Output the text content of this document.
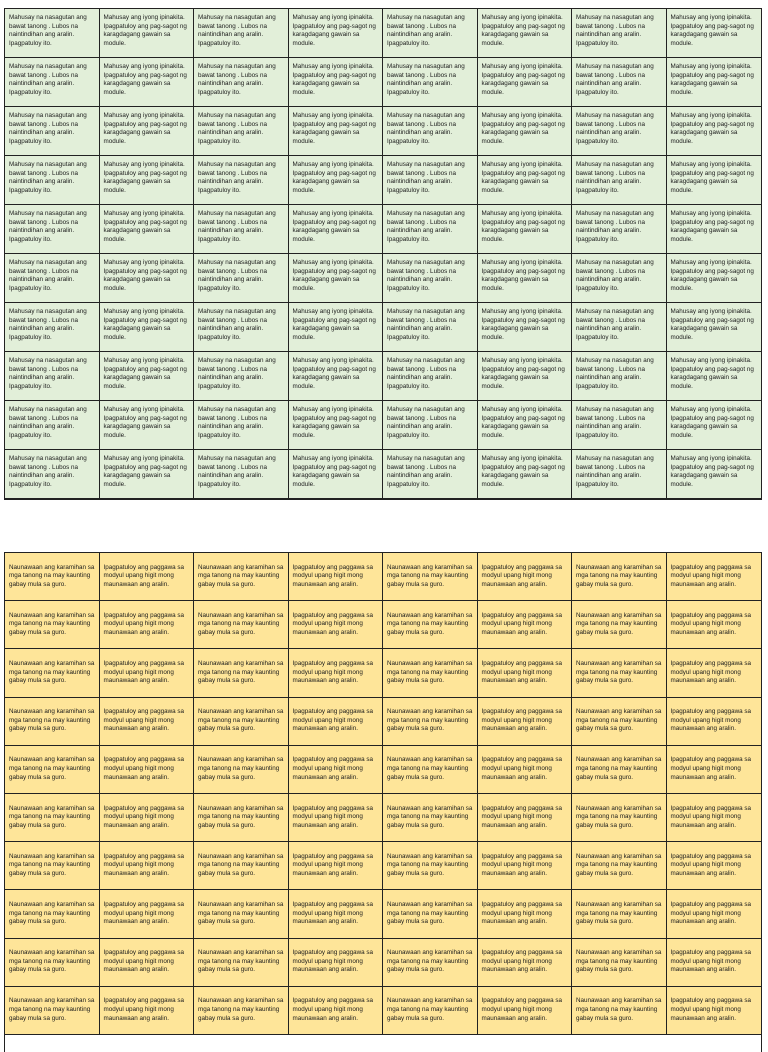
Mahusay na nasagutan ang bawat tanong . Lubos na naintindihan ang aralin. Ipagpatuloy ito.
Mahusay ang iyong ipinakita. Ipagpatuloy ang pag-sagot ng karagdagang gawain sa module.
Mahusay na nasagutan ang bawat tanong . Lubos na naintindihan ang aralin. Ipagpatuloy ito.
Mahusay ang iyong ipinakita. Ipagpatuloy ang pag-sagot ng karagdagang gawain sa module.
Mahusay na nasagutan ang bawat tanong . Lubos na naintindihan ang aralin. Ipagpatuloy ito.
Mahusay ang iyong ipinakita. Ipagpatuloy ang pag-sagot ng karagdagang gawain sa module.
Mahusay na nasagutan ang bawat tanong . Lubos na naintindihan ang aralin. Ipagpatuloy ito.
Mahusay ang iyong ipinakita. Ipagpatuloy ang pag-sagot ng karagdagang gawain sa module.
Mahusay na nasagutan ang bawat tanong . Lubos na naintindihan ang aralin. Ipagpatuloy ito.
Mahusay ang iyong ipinakita. Ipagpatuloy ang pag-sagot ng karagdagang gawain sa module.
Mahusay na nasagutan ang bawat tanong . Lubos na naintindihan ang aralin. Ipagpatuloy ito.
Mahusay ang iyong ipinakita. Ipagpatuloy ang pag-sagot ng karagdagang gawain sa module.
Mahusay na nasagutan ang bawat tanong . Lubos na naintindihan ang aralin. Ipagpatuloy ito.
Mahusay ang iyong ipinakita. Ipagpatuloy ang pag-sagot ng karagdagang gawain sa module.
Mahusay na nasagutan ang bawat tanong . Lubos na naintindihan ang aralin. Ipagpatuloy ito.
Mahusay ang iyong ipinakita. Ipagpatuloy ang pag-sagot ng karagdagang gawain sa module.
Mahusay na nasagutan ang bawat tanong . Lubos na naintindihan ang aralin. Ipagpatuloy ito.
Mahusay ang iyong ipinakita. Ipagpatuloy ang pag-sagot ng karagdagang gawain sa module.
Mahusay na nasagutan ang bawat tanong . Lubos na naintindihan ang aralin. Ipagpatuloy ito.
Mahusay ang iyong ipinakita. Ipagpatuloy ang pag-sagot ng karagdagang gawain sa module.
Mahusay na nasagutan ang bawat tanong . Lubos na naintindihan ang aralin. Ipagpatuloy ito.
Mahusay ang iyong ipinakita. Ipagpatuloy ang pag-sagot ng karagdagang gawain sa module.
Mahusay na nasagutan ang bawat tanong . Lubos na naintindihan ang aralin. Ipagpatuloy ito.
Mahusay ang iyong ipinakita. Ipagpatuloy ang pag-sagot ng karagdagang gawain sa module.
Mahusay na nasagutan ang bawat tanong . Lubos na naintindihan ang aralin. Ipagpatuloy ito.
Mahusay ang iyong ipinakita. Ipagpatuloy ang pag-sagot ng karagdagang gawain sa module.
Mahusay na nasagutan ang bawat tanong . Lubos na naintindihan ang aralin. Ipagpatuloy ito.
Mahusay ang iyong ipinakita. Ipagpatuloy ang pag-sagot ng karagdagang gawain sa module.
Mahusay na nasagutan ang bawat tanong . Lubos na naintindihan ang aralin. Ipagpatuloy ito.
Mahusay ang iyong ipinakita. Ipagpatuloy ang pag-sagot ng karagdagang gawain sa module.
Mahusay na nasagutan ang bawat tanong . Lubos na naintindihan ang aralin. Ipagpatuloy ito.
Mahusay ang iyong ipinakita. Ipagpatuloy ang pag-sagot ng karagdagang gawain sa module.
Mahusay na nasagutan ang bawat tanong . Lubos na naintindihan ang aralin. Ipagpatuloy ito.
Mahusay ang iyong ipinakita. Ipagpatuloy ang pag-sagot ng karagdagang gawain sa module.
Mahusay na nasagutan ang bawat tanong . Lubos na naintindihan ang aralin. Ipagpatuloy ito.
Mahusay ang iyong ipinakita. Ipagpatuloy ang pag-sagot ng karagdagang gawain sa module.
Mahusay na nasagutan ang bawat tanong . Lubos na naintindihan ang aralin. Ipagpatuloy ito.
Mahusay ang iyong ipinakita. Ipagpatuloy ang pag-sagot ng karagdagang gawain sa module.
Mahusay na nasagutan ang bawat tanong . Lubos na naintindihan ang aralin. Ipagpatuloy ito.
Mahusay ang iyong ipinakita. Ipagpatuloy ang pag-sagot ng karagdagang gawain sa module.
Mahusay na nasagutan ang bawat tanong . Lubos na naintindihan ang aralin. Ipagpatuloy ito.
Mahusay ang iyong ipinakita. Ipagpatuloy ang pag-sagot ng karagdagang gawain sa module.
Mahusay na nasagutan ang bawat tanong . Lubos na naintindihan ang aralin. Ipagpatuloy ito.
Mahusay ang iyong ipinakita. Ipagpatuloy ang pag-sagot ng karagdagang gawain sa module.
Mahusay na nasagutan ang bawat tanong . Lubos na naintindihan ang aralin. Ipagpatuloy ito.
Mahusay ang iyong ipinakita. Ipagpatuloy ang pag-sagot ng karagdagang gawain sa module.
Mahusay na nasagutan ang bawat tanong . Lubos na naintindihan ang aralin. Ipagpatuloy ito.
Mahusay ang iyong ipinakita. Ipagpatuloy ang pag-sagot ng karagdagang gawain sa module.
Mahusay na nasagutan ang bawat tanong . Lubos na naintindihan ang aralin. Ipagpatuloy ito.
Mahusay ang iyong ipinakita. Ipagpatuloy ang pag-sagot ng karagdagang gawain sa module.
Mahusay na nasagutan ang bawat tanong . Lubos na naintindihan ang aralin. Ipagpatuloy ito.
Mahusay ang iyong ipinakita. Ipagpatuloy ang pag-sagot ng karagdagang gawain sa module.
Mahusay na nasagutan ang bawat tanong . Lubos na naintindihan ang aralin. Ipagpatuloy ito.
Mahusay ang iyong ipinakita. Ipagpatuloy ang pag-sagot ng karagdagang gawain sa module.
Mahusay na nasagutan ang bawat tanong . Lubos na naintindihan ang aralin. Ipagpatuloy ito.
Mahusay ang iyong ipinakita. Ipagpatuloy ang pag-sagot ng karagdagang gawain sa module.
Mahusay na nasagutan ang bawat tanong . Lubos na naintindihan ang aralin. Ipagpatuloy ito.
Mahusay ang iyong ipinakita. Ipagpatuloy ang pag-sagot ng karagdagang gawain sa module.
Mahusay na nasagutan ang bawat tanong . Lubos na naintindihan ang aralin. Ipagpatuloy ito.
Mahusay ang iyong ipinakita. Ipagpatuloy ang pag-sagot ng karagdagang gawain sa module.
Mahusay na nasagutan ang bawat tanong . Lubos na naintindihan ang aralin. Ipagpatuloy ito.
Mahusay ang iyong ipinakita. Ipagpatuloy ang pag-sagot ng karagdagang gawain sa module.
Mahusay na nasagutan ang bawat tanong . Lubos na naintindihan ang aralin. Ipagpatuloy ito.
Mahusay ang iyong ipinakita. Ipagpatuloy ang pag-sagot ng karagdagang gawain sa module.
Mahusay na nasagutan ang bawat tanong . Lubos na naintindihan ang aralin. Ipagpatuloy ito.
Mahusay ang iyong ipinakita. Ipagpatuloy ang pag-sagot ng karagdagang gawain sa module.
Mahusay na nasagutan ang bawat tanong . Lubos na naintindihan ang aralin. Ipagpatuloy ito.
Mahusay ang iyong ipinakita. Ipagpatuloy ang pag-sagot ng karagdagang gawain sa module.
Mahusay na nasagutan ang bawat tanong . Lubos na naintindihan ang aralin. Ipagpatuloy ito.
Mahusay ang iyong ipinakita. Ipagpatuloy ang pag-sagot ng karagdagang gawain sa module.
Mahusay na nasagutan ang bawat tanong . Lubos na naintindihan ang aralin. Ipagpatuloy ito.
Mahusay ang iyong ipinakita. Ipagpatuloy ang pag-sagot ng karagdagang gawain sa module.
Mahusay na nasagutan ang bawat tanong . Lubos na naintindihan ang aralin. Ipagpatuloy ito.
Mahusay ang iyong ipinakita. Ipagpatuloy ang pag-sagot ng karagdagang gawain sa module.
Mahusay na nasagutan ang bawat tanong . Lubos na naintindihan ang aralin. Ipagpatuloy ito.
Mahusay ang iyong ipinakita. Ipagpatuloy ang pag-sagot ng karagdagang gawain sa module.
Mahusay na nasagutan ang bawat tanong . Lubos na naintindihan ang aralin. Ipagpatuloy ito.
Mahusay ang iyong ipinakita. Ipagpatuloy ang pag-sagot ng karagdagang gawain sa module.
Mahusay na nasagutan ang bawat tanong . Lubos na naintindihan ang aralin. Ipagpatuloy ito.
Mahusay ang iyong ipinakita. Ipagpatuloy ang pag-sagot ng karagdagang gawain sa module.
Naunawaan ang karamihan sa mga tanong na may kaunting gabay mula sa guro.
Ipagpatuloy ang paggawa sa modyul upang higit mong maunawaan ang aralin.
Naunawaan ang karamihan sa mga tanong na may kaunting gabay mula sa guro.
Ipagpatuloy ang paggawa sa modyul upang higit mong maunawaan ang aralin.
Naunawaan ang karamihan sa mga tanong na may kaunting gabay mula sa guro.
Ipagpatuloy ang paggawa sa modyul upang higit mong maunawaan ang aralin.
Naunawaan ang karamihan sa mga tanong na may kaunting gabay mula sa guro.
Ipagpatuloy ang paggawa sa modyul upang higit mong maunawaan ang aralin.
Naunawaan ang karamihan sa mga tanong na may kaunting gabay mula sa guro.
Ipagpatuloy ang paggawa sa modyul upang higit mong maunawaan ang aralin.
Naunawaan ang karamihan sa mga tanong na may kaunting gabay mula sa guro.
Ipagpatuloy ang paggawa sa modyul upang higit mong maunawaan ang aralin.
Naunawaan ang karamihan sa mga tanong na may kaunting gabay mula sa guro.
Ipagpatuloy ang paggawa sa modyul upang higit mong maunawaan ang aralin.
Naunawaan ang karamihan sa mga tanong na may kaunting gabay mula sa guro.
Ipagpatuloy ang paggawa sa modyul upang higit mong maunawaan ang aralin.
Naunawaan ang karamihan sa mga tanong na may kaunting gabay mula sa guro.
Ipagpatuloy ang paggawa sa modyul upang higit mong maunawaan ang aralin.
Naunawaan ang karamihan sa mga tanong na may kaunting gabay mula sa guro.
Ipagpatuloy ang paggawa sa modyul upang higit mong maunawaan ang aralin.
Naunawaan ang karamihan sa mga tanong na may kaunting gabay mula sa guro.
Ipagpatuloy ang paggawa sa modyul upang higit mong maunawaan ang aralin.
Naunawaan ang karamihan sa mga tanong na may kaunting gabay mula sa guro.
Ipagpatuloy ang paggawa sa modyul upang higit mong maunawaan ang aralin.
Naunawaan ang karamihan sa mga tanong na may kaunting gabay mula sa guro.
Ipagpatuloy ang paggawa sa modyul upang higit mong maunawaan ang aralin.
Naunawaan ang karamihan sa mga tanong na may kaunting gabay mula sa guro.
Ipagpatuloy ang paggawa sa modyul upang higit mong maunawaan ang aralin.
Naunawaan ang karamihan sa mga tanong na may kaunting gabay mula sa guro.
Ipagpatuloy ang paggawa sa modyul upang higit mong maunawaan ang aralin.
Naunawaan ang karamihan sa mga tanong na may kaunting gabay mula sa guro.
Ipagpatuloy ang paggawa sa modyul upang higit mong maunawaan ang aralin.
Naunawaan ang karamihan sa mga tanong na may kaunting gabay mula sa guro.
Ipagpatuloy ang paggawa sa modyul upang higit mong maunawaan ang aralin.
Naunawaan ang karamihan sa mga tanong na may kaunting gabay mula sa guro.
Ipagpatuloy ang paggawa sa modyul upang higit mong maunawaan ang aralin.
Naunawaan ang karamihan sa mga tanong na may kaunting gabay mula sa guro.
Ipagpatuloy ang paggawa sa modyul upang higit mong maunawaan ang aralin.
Naunawaan ang karamihan sa mga tanong na may kaunting gabay mula sa guro.
Ipagpatuloy ang paggawa sa modyul upang higit mong maunawaan ang aralin.
Naunawaan ang karamihan sa mga tanong na may kaunting gabay mula sa guro.
Ipagpatuloy ang paggawa sa modyul upang higit mong maunawaan ang aralin.
Naunawaan ang karamihan sa mga tanong na may kaunting gabay mula sa guro.
Ipagpatuloy ang paggawa sa modyul upang higit mong maunawaan ang aralin.
Naunawaan ang karamihan sa mga tanong na may kaunting gabay mula sa guro.
Ipagpatuloy ang paggawa sa modyul upang higit mong maunawaan ang aralin.
Naunawaan ang karamihan sa mga tanong na may kaunting gabay mula sa guro.
Ipagpatuloy ang paggawa sa modyul upang higit mong maunawaan ang aralin.
Naunawaan ang karamihan sa mga tanong na may kaunting gabay mula sa guro.
Ipagpatuloy ang paggawa sa modyul upang higit mong maunawaan ang aralin.
Naunawaan ang karamihan sa mga tanong na may kaunting gabay mula sa guro.
Ipagpatuloy ang paggawa sa modyul upang higit mong maunawaan ang aralin.
Naunawaan ang karamihan sa mga tanong na may kaunting gabay mula sa guro.
Ipagpatuloy ang paggawa sa modyul upang higit mong maunawaan ang aralin.
Naunawaan ang karamihan sa mga tanong na may kaunting gabay mula sa guro.
Ipagpatuloy ang paggawa sa modyul upang higit mong maunawaan ang aralin.
Naunawaan ang karamihan sa mga tanong na may kaunting gabay mula sa guro.
Ipagpatuloy ang paggawa sa modyul upang higit mong maunawaan ang aralin.
Naunawaan ang karamihan sa mga tanong na may kaunting gabay mula sa guro.
Ipagpatuloy ang paggawa sa modyul upang higit mong maunawaan ang aralin.
Naunawaan ang karamihan sa mga tanong na may kaunting gabay mula sa guro.
Ipagpatuloy ang paggawa sa modyul upang higit mong maunawaan ang aralin.
Naunawaan ang karamihan sa mga tanong na may kaunting gabay mula sa guro.
Ipagpatuloy ang paggawa sa modyul upang higit mong maunawaan ang aralin.
Naunawaan ang karamihan sa mga tanong na may kaunting gabay mula sa guro.
Ipagpatuloy ang paggawa sa modyul upang higit mong maunawaan ang aralin.
Naunawaan ang karamihan sa mga tanong na may kaunting gabay mula sa guro.
Ipagpatuloy ang paggawa sa modyul upang higit mong maunawaan ang aralin.
Naunawaan ang karamihan sa mga tanong na may kaunting gabay mula sa guro.
Ipagpatuloy ang paggawa sa modyul upang higit mong maunawaan ang aralin.
Naunawaan ang karamihan sa mga tanong na may kaunting gabay mula sa guro.
Ipagpatuloy ang paggawa sa modyul upang higit mong maunawaan ang aralin.
Naunawaan ang karamihan sa mga tanong na may kaunting gabay mula sa guro.
Ipagpatuloy ang paggawa sa modyul upang higit mong maunawaan ang aralin.
Naunawaan ang karamihan sa mga tanong na may kaunting gabay mula sa guro.
Ipagpatuloy ang paggawa sa modyul upang higit mong maunawaan ang aralin.
Naunawaan ang karamihan sa mga tanong na may kaunting gabay mula sa guro.
Ipagpatuloy ang paggawa sa modyul upang higit mong maunawaan ang aralin.
Naunawaan ang karamihan sa mga tanong na may kaunting gabay mula sa guro.
Ipagpatuloy ang paggawa sa modyul upang higit mong maunawaan ang aralin.
